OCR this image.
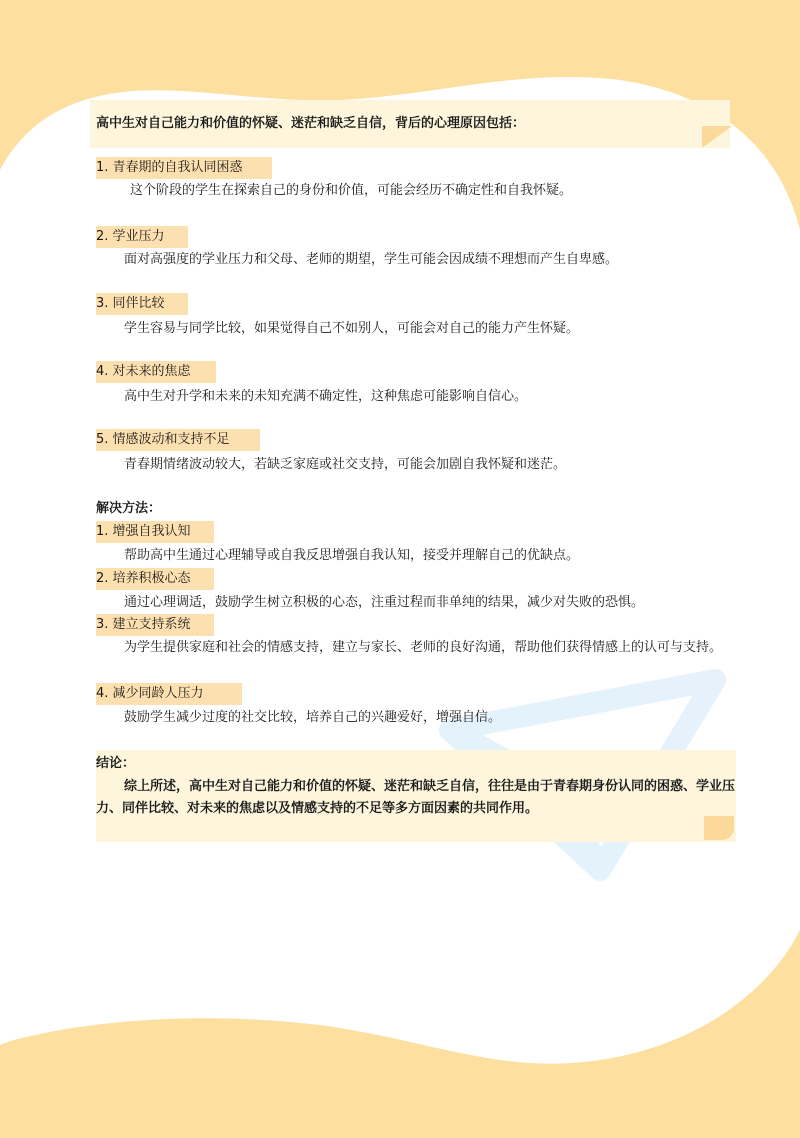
高中生对自己能力和价值的怀疑、迷茫和缺乏自信，背后的心理原因包括：
1. 青春期的自我认同困惑
这个阶段的学生在探索自己的身份和价值，可能会经历不确定性和自我怀疑。
2. 学业压力
面对高强度的学业压力和父母、老师的期望，学生可能会因成绩不理想而产生自卑感。
3. 同伴比较
学生容易与同学比较，如果觉得自己不如别人，可能会对自己的能力产生怀疑。
4. 对未来的焦虑
高中生对升学和未来的未知充满不确定性，这种焦虑可能影响自信心。
5. 情感波动和支持不足
青春期情绪波动较大，若缺乏家庭或社交支持，可能会加剧自我怀疑和迷茫。
解决方法：
1. 增强自我认知
帮助高中生通过心理辅导或自我反思增强自我认知，接受并理解自己的优缺点。
2. 培养积极心态
通过心理调适，鼓励学生树立积极的心态，注重过程而非单纯的结果，减少对失败的恐惧。
3. 建立支持系统
为学生提供家庭和社会的情感支持，建立与家长、老师的良好沟通，帮助他们获得情感上的认可与支持。
4. 减少同龄人压力
鼓励学生减少过度的社交比较，培养自己的兴趣爱好，增强自信。
结论：
综上所述，高中生对自己能力和价值的怀疑、迷茫和缺乏自信，往往是由于青春期身份认同的困惑、学业压力、同伴比较、对未来的焦虑以及情感支持的不足等多方面因素的共同作用。
